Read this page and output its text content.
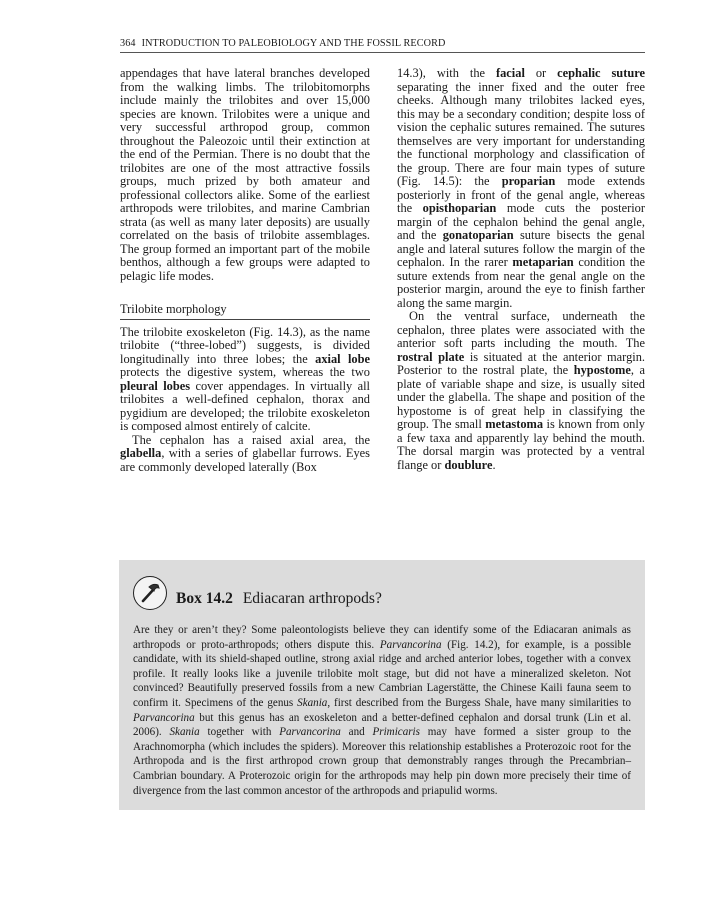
364 INTRODUCTION TO PALEOBIOLOGY AND THE FOSSIL RECORD

appendages that have lateral branches developed from the walking limbs. The trilobitomorphs include mainly the trilobites and over 15,000 species are known. Trilobites were a unique and very successful arthropod group, common throughout the Paleozoic until their extinction at the end of the Permian. There is no doubt that the trilobites are one of the most attractive fossils groups, much prized by both amateur and professional collectors alike. Some of the earliest arthropods were trilobites, and marine Cambrian strata (as well as many later deposits) are usually correlated on the basis of trilobite assemblages. The group formed an important part of the mobile benthos, although a few groups were adapted to pelagic life modes.

Trilobite morphology

The trilobite exoskeleton (Fig. 14.3), as the name trilobite (“three-lobed”) suggests, is divided longitudinally into three lobes; the axial lobe protects the digestive system, whereas the two pleural lobes cover appendages. In virtually all trilobites a well-defined cephalon, thorax and pygidium are developed; the trilobite exoskeleton is composed almost entirely of calcite.

The cephalon has a raised axial area, the glabella, with a series of glabellar furrows. Eyes are commonly developed laterally (Box

14.3), with the facial or cephalic suture separating the inner fixed and the outer free cheeks. Although many trilobites lacked eyes, this may be a secondary condition; despite loss of vision the cephalic sutures remained. The sutures themselves are very important for understanding the functional morphology and classification of the group. There are four main types of suture (Fig. 14.5): the proparian mode extends posteriorly in front of the genal angle, whereas the opisthoparian mode cuts the posterior margin of the cephalon behind the genal angle, and the gonatoparian suture bisects the genal angle and lateral sutures follow the margin of the cephalon. In the rarer metaparian condition the suture extends from near the genal angle on the posterior margin, around the eye to finish farther along the same margin.

On the ventral surface, underneath the cephalon, three plates were associated with the anterior soft parts including the mouth. The rostral plate is situated at the anterior margin. Posterior to the rostral plate, the hypostome, a plate of variable shape and size, is usually sited under the glabella. The shape and position of the hypostome is of great help in classifying the group. The small metastoma is known from only a few taxa and apparently lay behind the mouth. The dorsal margin was protected by a ventral flange or doublure.

Box 14.2 Ediacaran arthropods?

Are they or aren’t they? Some paleontologists believe they can identify some of the Ediacaran animals as arthropods or proto-arthropods; others dispute this. Parvancorina (Fig. 14.2), for example, is a possible candidate, with its shield-shaped outline, strong axial ridge and arched anterior lobes, together with a convex profile. It really looks like a juvenile trilobite molt stage, but did not have a mineralized skeleton. Not convinced? Beautifully preserved fossils from a new Cambrian Lagerstätte, the Chinese Kaili fauna seem to confirm it. Specimens of the genus Skania, first described from the Burgess Shale, have many similarities to Parvancorina but this genus has an exoskeleton and a better-defined cephalon and dorsal trunk (Lin et al. 2006). Skania together with Parvancorina and Primicaris may have formed a sister group to the Arachnomorpha (which includes the spiders). Moreover this relationship establishes a Proterozoic root for the Arthropoda and is the first arthropod crown group that demonstrably ranges through the Precambrian–Cambrian boundary. A Proterozoic origin for the arthropods may help pin down more precisely their time of divergence from the last common ancestor of the arthropods and priapulid worms.
